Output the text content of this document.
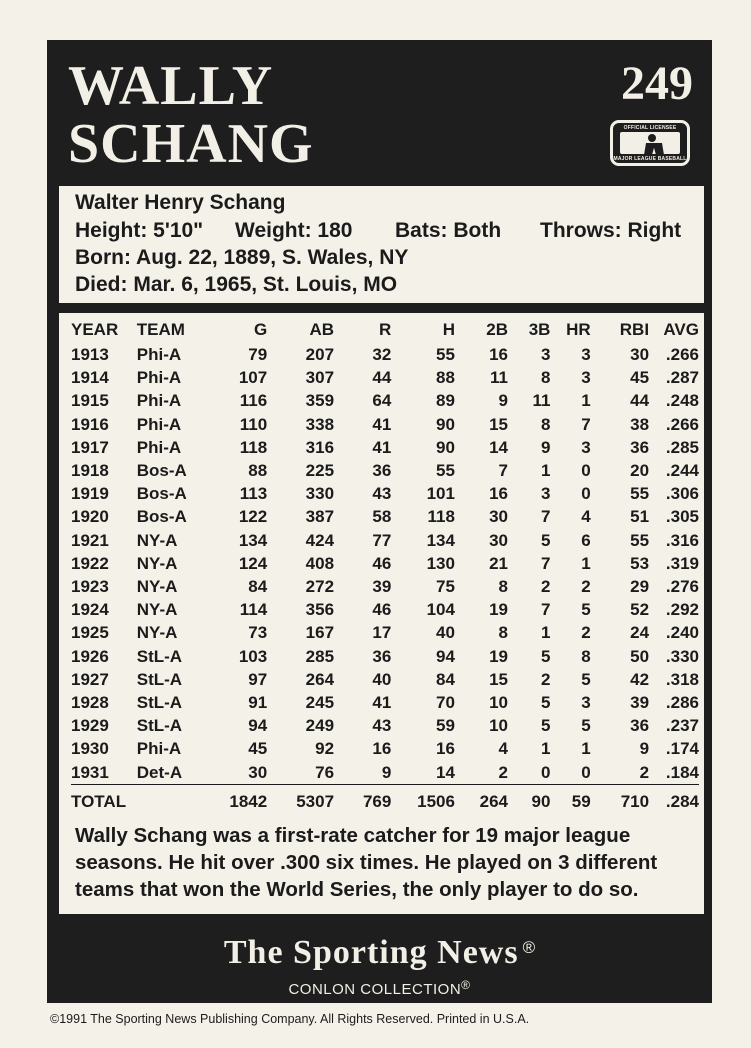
WALLY
SCHANG
249
OFFICIAL LICENSEE
MAJOR LEAGUE BASEBALL
Walter Henry Schang
Height: 5'10"	Weight: 180	Bats: Both	Throws: Right
Born: Aug. 22, 1889, S. Wales, NY
Died: Mar. 6, 1965, St. Louis, MO
YEAR	TEAM	G	AB	R	H	2B	3B	HR	RBI	AVG
1913	Phi-A	79	207	32	55	16	3	3	30	.266
1914	Phi-A	107	307	44	88	11	8	3	45	.287
1915	Phi-A	116	359	64	89	9	11	1	44	.248
1916	Phi-A	110	338	41	90	15	8	7	38	.266
1917	Phi-A	118	316	41	90	14	9	3	36	.285
1918	Bos-A	88	225	36	55	7	1	0	20	.244
1919	Bos-A	113	330	43	101	16	3	0	55	.306
1920	Bos-A	122	387	58	118	30	7	4	51	.305
1921	NY-A	134	424	77	134	30	5	6	55	.316
1922	NY-A	124	408	46	130	21	7	1	53	.319
1923	NY-A	84	272	39	75	8	2	2	29	.276
1924	NY-A	114	356	46	104	19	7	5	52	.292
1925	NY-A	73	167	17	40	8	1	2	24	.240
1926	StL-A	103	285	36	94	19	5	8	50	.330
1927	StL-A	97	264	40	84	15	2	5	42	.318
1928	StL-A	91	245	41	70	10	5	3	39	.286
1929	StL-A	94	249	43	59	10	5	5	36	.237
1930	Phi-A	45	92	16	16	4	1	1	9	.174
1931	Det-A	30	76	9	14	2	0	0	2	.184
TOTAL		1842	5307	769	1506	264	90	59	710	.284

Wally Schang was a first-rate catcher for 19 major league seasons. He hit over .300 six times. He played on 3 different teams that won the World Series, the only player to do so.

The Sporting News ®
CONLON COLLECTION®
©1991 The Sporting News Publishing Company. All Rights Reserved. Printed in U.S.A.
